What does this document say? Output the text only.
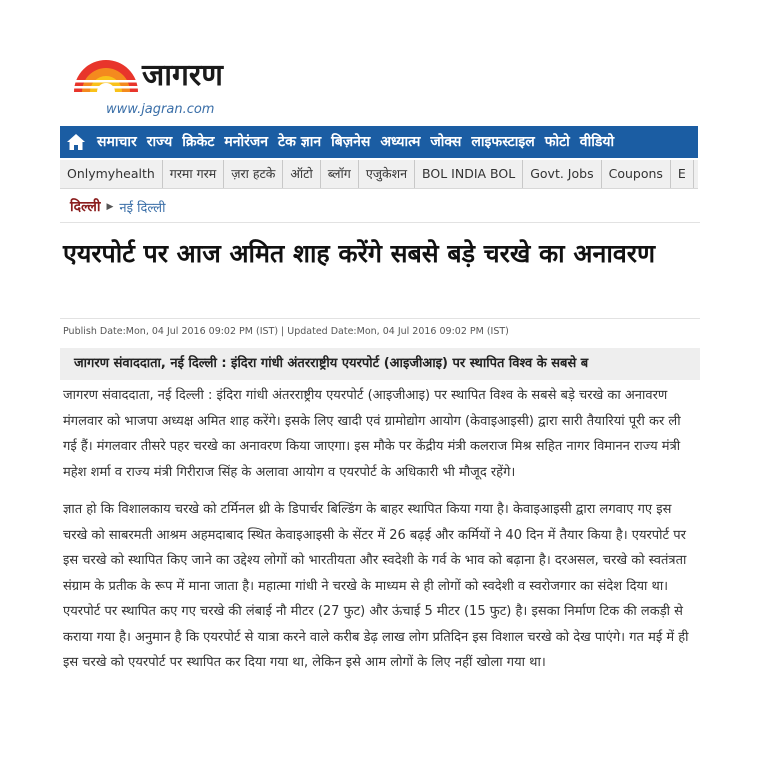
जागरण
www.jagran.com
समाचार राज्य क्रिकेट मनोरंजन टेक ज्ञान बिज़नेस अध्यात्म जोक्स लाइफस्टाइल फोटो वीडियो
Onlymyhealth	गरमा गरम	ज़रा हटके	ऑटो	ब्लॉग	एजुकेशन	BOL INDIA BOL	Govt. Jobs	Coupons	E
दिल्ली ▶ नई दिल्ली
एयरपोर्ट पर आज अमित शाह करेंगे सबसे बड़े चरखे का अनावरण
Publish Date:Mon, 04 Jul 2016 09:02 PM (IST) | Updated Date:Mon, 04 Jul 2016 09:02 PM (IST)
जागरण संवाददाता, नई दिल्ली : इंदिरा गांधी अंतरराष्ट्रीय एयरपोर्ट (आइजीआइ) पर स्थापित विश्व के सबसे ब

जागरण संवाददाता, नई दिल्ली : इंदिरा गांधी अंतरराष्ट्रीय एयरपोर्ट (आइजीआइ) पर स्थापित विश्व के सबसे बड़े चरखे का अनावरण मंगलवार को भाजपा अध्यक्ष अमित शाह करेंगे। इसके लिए खादी एवं ग्रामोद्योग आयोग (केवाइआइसी) द्वारा सारी तैयारियां पूरी कर ली गई हैं। मंगलवार तीसरे पहर चरखे का अनावरण किया जाएगा। इस मौके पर केंद्रीय मंत्री कलराज मिश्र सहित नागर विमानन राज्य मंत्री महेश शर्मा व राज्य मंत्री गिरीराज सिंह के अलावा आयोग व एयरपोर्ट के अधिकारी भी मौजूद रहेंगे।

ज्ञात हो कि विशालकाय चरखे को टर्मिनल थ्री के डिपार्चर बिल्डिंग के बाहर स्थापित किया गया है। केवाइआइसी द्वारा लगवाए गए इस चरखे को साबरमती आश्रम अहमदाबाद स्थित केवाइआइसी के सेंटर में 26 बढ़ई और कर्मियों ने 40 दिन में तैयार किया है। एयरपोर्ट पर इस चरखे को स्थापित किए जाने का उद्देश्य लोगों को भारतीयता और स्वदेशी के गर्व के भाव को बढ़ाना है। दरअसल, चरखे को स्वतंत्रता संग्राम के प्रतीक के रूप में माना जाता है। महात्मा गांधी ने चरखे के माध्यम से ही लोगों को स्वदेशी व स्वरोजगार का संदेश दिया था। एयरपोर्ट पर स्थापित कए गए चरखे की लंबाई नौ मीटर (27 फुट) और ऊंचाई 5 मीटर (15 फुट) है। इसका निर्माण टिक की लकड़ी से कराया गया है। अनुमान है कि एयरपोर्ट से यात्रा करने वाले करीब डेढ़ लाख लोग प्रतिदिन इस विशाल चरखे को देख पाएंगे। गत मई में ही इस चरखे को एयरपोर्ट पर स्थापित कर दिया गया था, लेकिन इसे आम लोगों के लिए नहीं खोला गया था।
